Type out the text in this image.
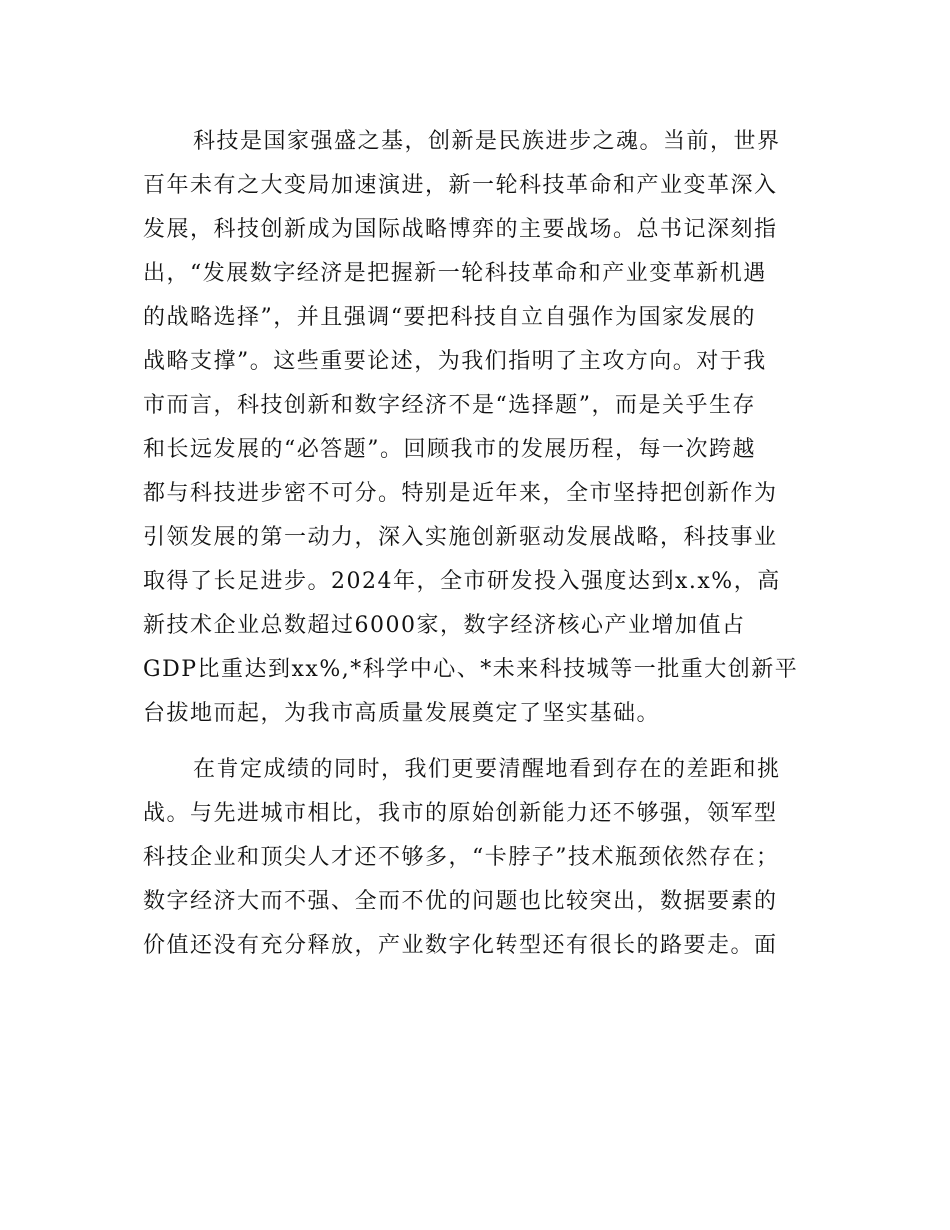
科技是国家强盛之基，创新是民族进步之魂。当前，世界
百年未有之大变局加速演进，新一轮科技革命和产业变革深入
发展，科技创新成为国际战略博弈的主要战场。总书记深刻指
出，“发展数字经济是把握新一轮科技革命和产业变革新机遇
的战略选择”，并且强调“要把科技自立自强作为国家发展的
战略支撑”。这些重要论述，为我们指明了主攻方向。对于我
市而言，科技创新和数字经济不是“选择题”，而是关乎生存
和长远发展的“必答题”。回顾我市的发展历程，每一次跨越
都与科技进步密不可分。特别是近年来，全市坚持把创新作为
引领发展的第一动力，深入实施创新驱动发展战略，科技事业
取得了长足进步。2024年，全市研发投入强度达到x.x%，高
新技术企业总数超过6000家，数字经济核心产业增加值占
GDP比重达到xx%,*科学中心、*未来科技城等一批重大创新平
台拔地而起，为我市高质量发展奠定了坚实基础。
在肯定成绩的同时，我们更要清醒地看到存在的差距和挑
战。与先进城市相比，我市的原始创新能力还不够强，领军型
科技企业和顶尖人才还不够多，“卡脖子”技术瓶颈依然存在；
数字经济大而不强、全而不优的问题也比较突出，数据要素的
价值还没有充分释放，产业数字化转型还有很长的路要走。面
